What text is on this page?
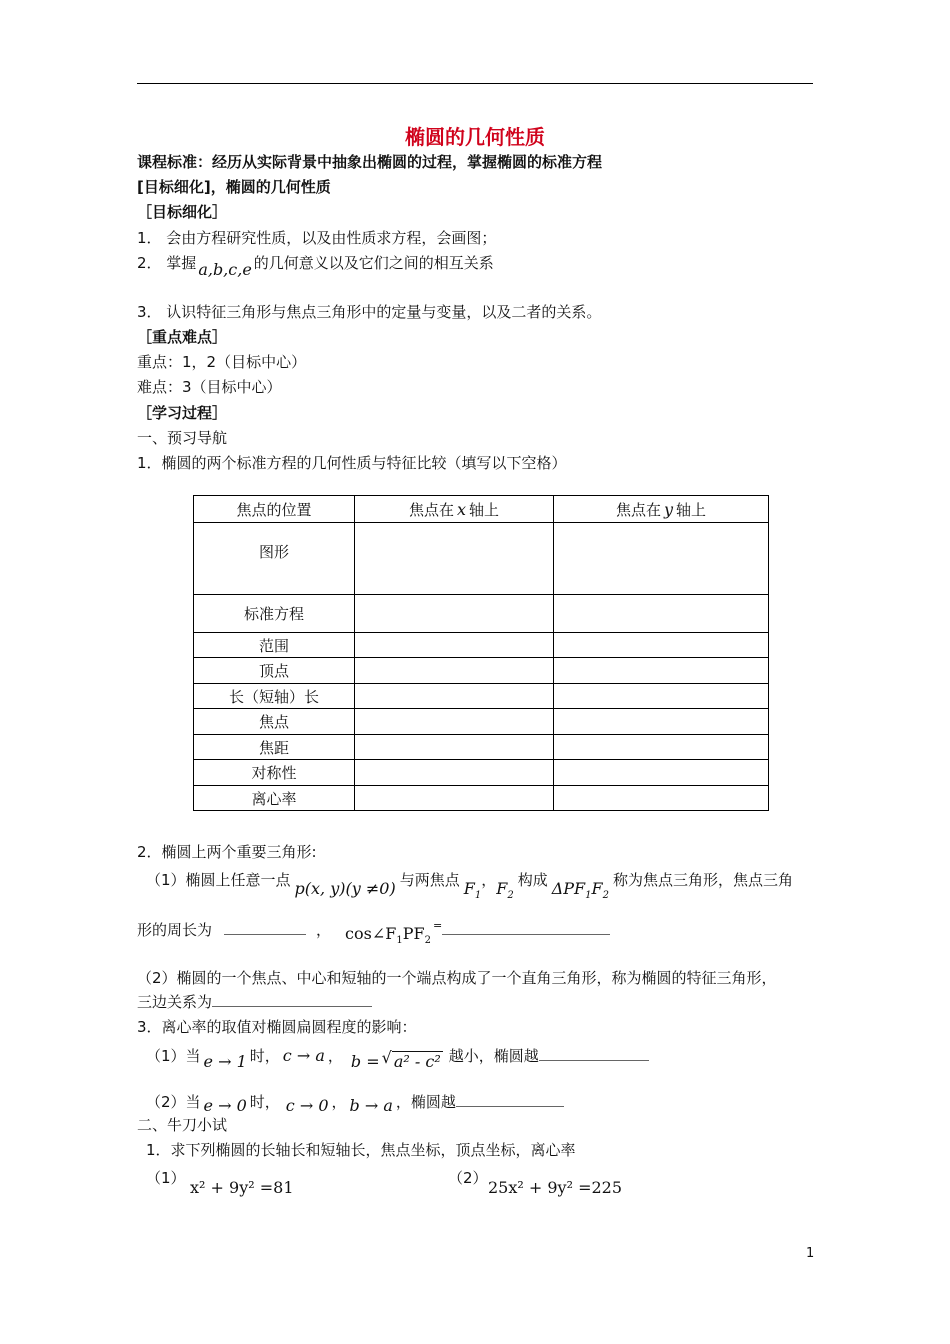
椭圆的几何性质
课程标准：经历从实际背景中抽象出椭圆的过程，掌握椭圆的标准方程
[目标细化]，椭圆的几何性质
［目标细化］
1． 会由方程研究性质，以及由性质求方程，会画图；
2． 掌握 a,b,c,e 的几何意义以及它们之间的相互关系
3． 认识特征三角形与焦点三角形中的定量与变量，以及二者的关系。
［重点难点］
重点：1，2（目标中心）
难点：3（目标中心）
［学习过程］
一、预习导航
1．椭圆的两个标准方程的几何性质与特征比较（填写以下空格）
焦点的位置	焦点在 x 轴上	焦点在 y 轴上
图形		
标准方程		
范围		
顶点		
长（短轴）长		
焦点		
焦距		
对称性		
离心率		
2．椭圆上两个重要三角形:
（1）椭圆上任意一点 p(x, y)(y ≠0) 与两焦点 $F_1$，$F_2$构成 $\Delta PF_1F_2$称为焦点三角形，焦点三角
形的周长为	， $\cos\angle F_1PF_2^=$
（2）椭圆的一个焦点、中心和短轴的一个端点构成了一个直角三角形，称为椭圆的特征三角形，
三边关系为
3．离心率的取值对椭圆扁圆程度的影响：
（1）当 e → 1 时， c → a ， b = √ a² - c² 越小，椭圆越
（2）当 e → 0 时， c → 0 ， b → a ，椭圆越
二、牛刀小试
1．求下列椭圆的长轴长和短轴长，焦点坐标，顶点坐标，离心率
（1） x² + 9y² =81	（2） 25x² + 9y² =225
1
